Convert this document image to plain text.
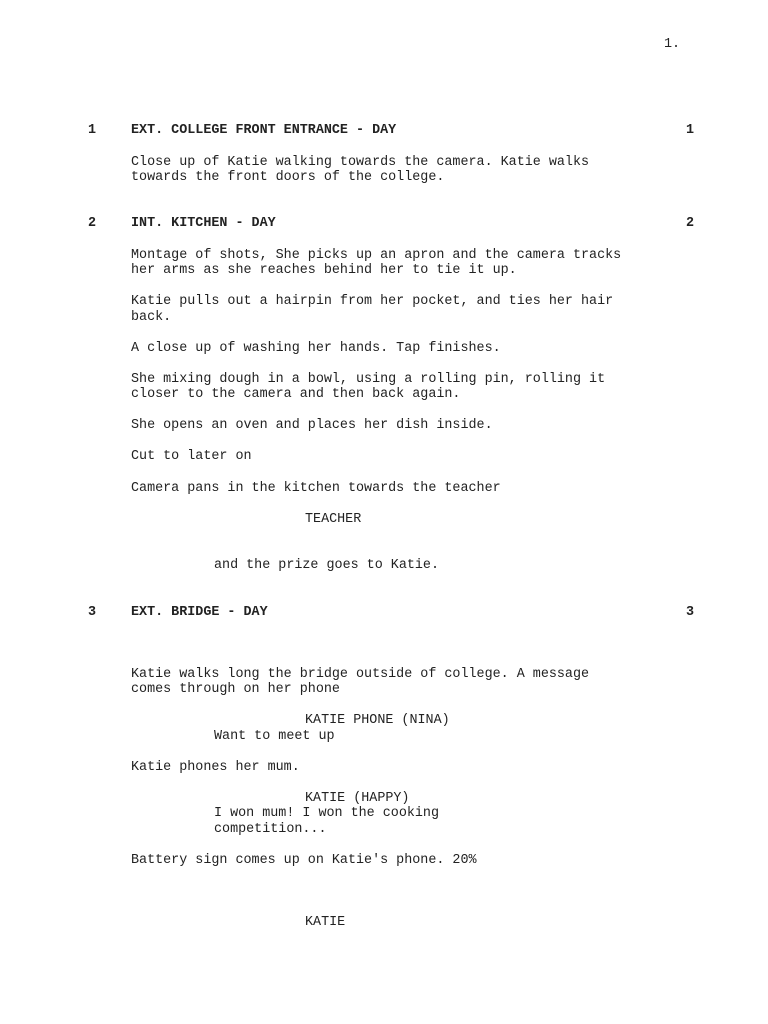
1.
1	EXT. COLLEGE FRONT ENTRANCE - DAY	1
Close up of Katie walking towards the camera. Katie walks
towards the front doors of the college.
2	INT. KITCHEN - DAY	2
Montage of shots, She picks up an apron and the camera tracks
her arms as she reaches behind her to tie it up.
Katie pulls out a hairpin from her pocket, and ties her hair
back.
A close up of washing her hands. Tap finishes.
She mixing dough in a bowl, using a rolling pin, rolling it
closer to the camera and then back again.
She opens an oven and places her dish inside.
Cut to later on
Camera pans in the kitchen towards the teacher
TEACHER
and the prize goes to Katie.
3	EXT. BRIDGE - DAY	3
Katie walks long the bridge outside of college. A message
comes through on her phone
KATIE PHONE (NINA)
Want to meet up
Katie phones her mum.
KATIE (HAPPY)
I won mum! I won the cooking
competition...
Battery sign comes up on Katie's phone. 20%
KATIE
